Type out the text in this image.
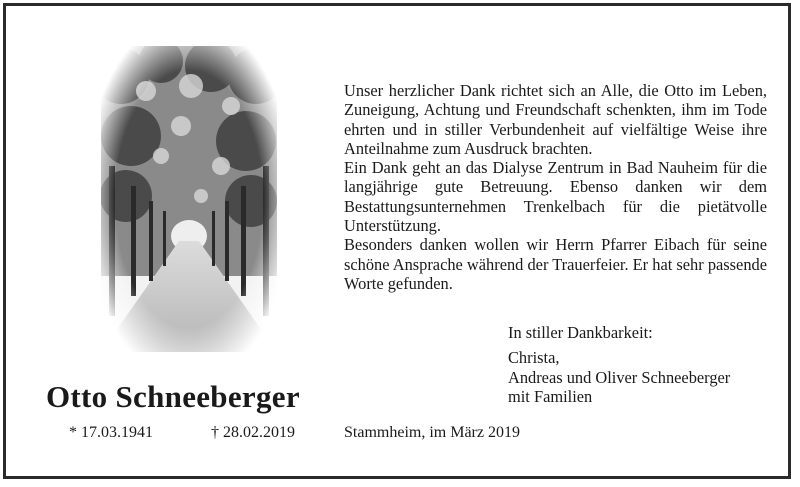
Otto Schneeberger
* 17.03.1941	† 28.02.2019

Unser herzlicher Dank richtet sich an Alle, die Otto im Leben, Zuneigung, Achtung und Freundschaft schenkten, ihm im Tode ehrten und in stiller Verbundenheit auf vielfältige Weise ihre Anteilnahme zum Ausdruck brachten.

Ein Dank geht an das Dialyse Zentrum in Bad Nauheim für die langjährige gute Betreuung. Ebenso danken wir dem Bestattungsunternehmen Trenkelbach für die pietätvolle Unterstützung.

Besonders danken wollen wir Herrn Pfarrer Eibach für seine schöne Ansprache während der Trauerfeier. Er hat sehr passende Worte gefunden.

In stiller Dankbarkeit:
Christa,
Andreas und Oliver Schneeberger
mit Familien
Stammheim, im März 2019
